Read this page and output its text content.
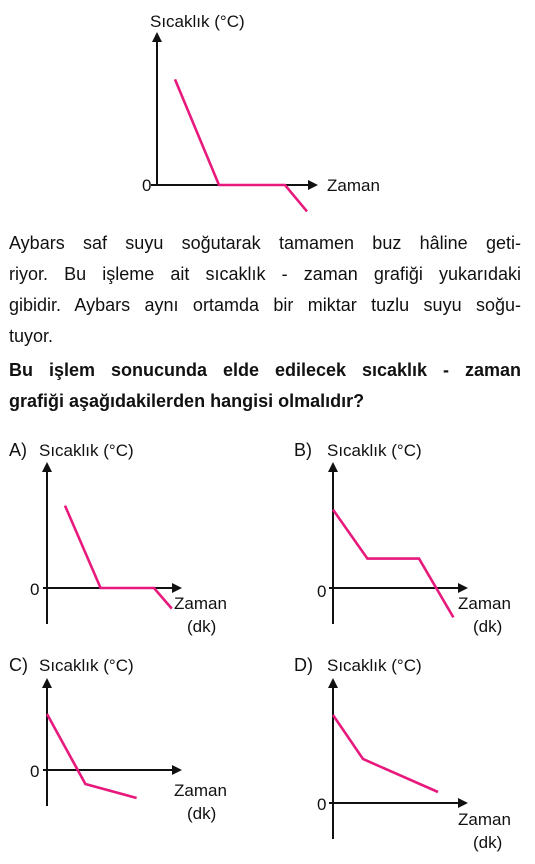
Sıcaklık (°C)
Zaman
0
Aybars saf suyu soğutarak tamamen buz hâline geti-
riyor. Bu işleme ait sıcaklık - zaman grafiği yukarıdaki
gibidir. Aybars aynı ortamda bir miktar tuzlu suyu soğu-
tuyor.
Bu işlem sonucunda elde edilecek sıcaklık - zaman
grafiği aşağıdakilerden hangisi olmalıdır?
A) Sıcaklık (°C)
0
Zaman
(dk)
B) Sıcaklık (°C)
0
Zaman
(dk)
C) Sıcaklık (°C)
0
Zaman
(dk)
D) Sıcaklık (°C)
0
Zaman
(dk)
